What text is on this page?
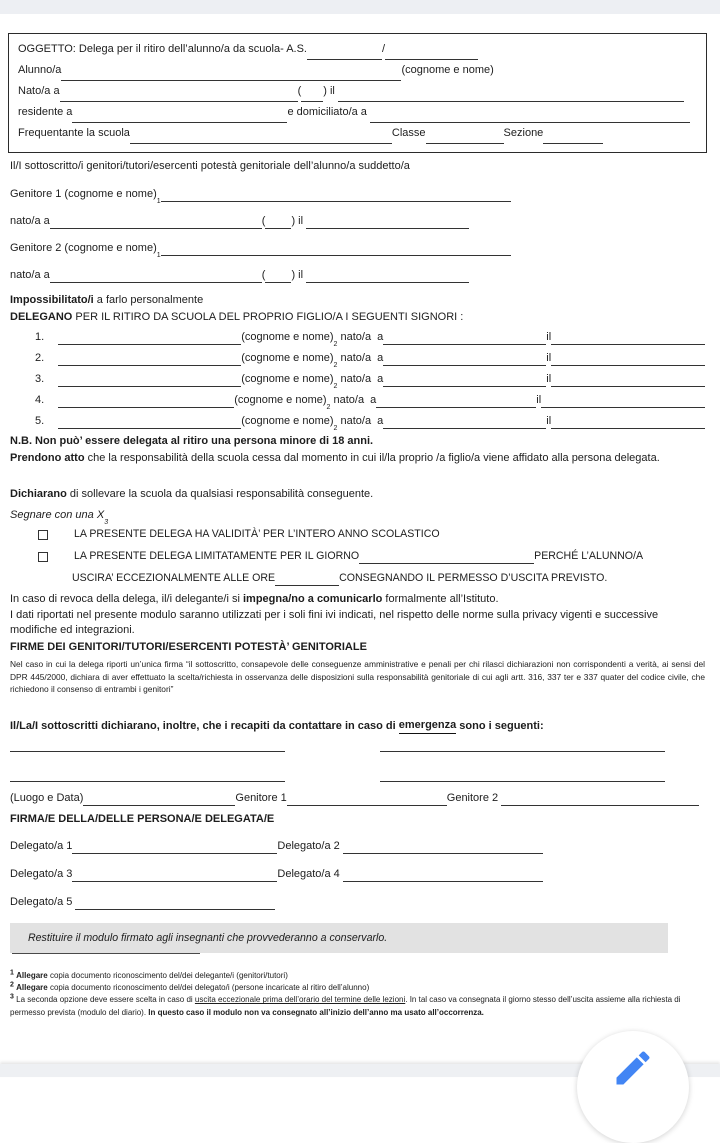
OGGETTO: Delega per il ritiro dell’alunno/a da scuola- A.S.	/
Alunno/a	(cognome e nome)
Nato/a a	( ) il
residente a	e domiciliato/a a
Frequentante la scuola	Classe	Sezione
Il/I sottoscritto/i genitori/tutori/esercenti potestà genitoriale dell’alunno/a suddetto/a
Genitore 1 (cognome e nome)
1
nato/a a	( ) il
Genitore 2 (cognome e nome)
1
nato/a a	( ) il
Impossibilitato/i a farlo personalmente
DELEGANO PER IL RITIRO DA SCUOLA DEL PROPRIO FIGLIO/A I SEGUENTI SIGNORI :
1.	(cognome e nome)
2
nato/a  a	il
2.	(cognome e nome)
2
nato/a  a	il
3.	(cognome e nome)
2
nato/a  a	il
4.	(cognome e nome)
2
nato/a  a	il
5.	(cognome e nome)
2
nato/a  a	il
N.B. Non può’ essere delegata al ritiro una persona minore di 18 anni.
Prendono atto che la responsabilità della scuola cessa dal momento in cui il/la proprio /a figlio/a viene affidato alla persona delegata.
Dichiarano di sollevare la scuola da qualsiasi responsabilità conseguente.
Segnare con una X
3
LA PRESENTE DELEGA HA VALIDITÀ’ PER L’INTERO ANNO SCOLASTICO
LA PRESENTE DELEGA LIMITATAMENTE PER IL GIORNO	PERCHÉ L’ALUNNO/A
USCIRA’ ECCEZIONALMENTE ALLE ORE	CONSEGNANDO IL PERMESSO D’USCITA PREVISTO.
In caso di revoca della delega, il/i delegante/i si impegna/no a comunicarlo formalmente all’Istituto.
I dati riportati nel presente modulo saranno utilizzati per i soli fini ivi indicati, nel rispetto delle norme sulla privacy vigenti e successive modifiche ed integrazioni.
FIRME DEI GENITORI/TUTORI/ESERCENTI POTESTÀ’ GENITORIALE
Nel caso in cui la delega riporti un’unica firma “il sottoscritto, consapevole delle conseguenze amministrative e penali per chi rilasci dichiarazioni non corrispondenti a verità, ai sensi del DPR 445/2000, dichiara di aver effettuato la scelta/richiesta in osservanza delle disposizioni sulla responsabilità genitoriale di cui agli artt. 316, 337 ter e 337 quater del codice civile, che richiedono il consenso di entrambi i genitori”
Il/La/I sottoscritti dichiarano, inoltre, che i recapiti da contattare in caso di emergenza sono i seguenti:
(Luogo e Data)	Genitore 1	Genitore 2
FIRMA/E DELLA/DELLE PERSONA/E DELEGATA/E
Delegato/a 1	Delegato/a 2
Delegato/a 3	Delegato/a 4
Delegato/a 5
Restituire il modulo firmato agli insegnanti che provvederanno a conservarlo.
$^1$ Allegare copia documento riconoscimento del/dei delegante/i (genitori/tutori)
$^2$ Allegare copia documento riconoscimento del/dei delegato/i (persone incaricate al ritiro dell’alunno)
$^3$ La seconda opzione deve essere scelta in caso di uscita eccezionale prima dell’orario del termine delle lezioni. In tal caso va consegnata il giorno stesso dell’uscita assieme alla richiesta di permesso prevista (modulo del diario). In questo caso il modulo non va consegnato all’inizio dell’anno ma usato all’occorrenza.
